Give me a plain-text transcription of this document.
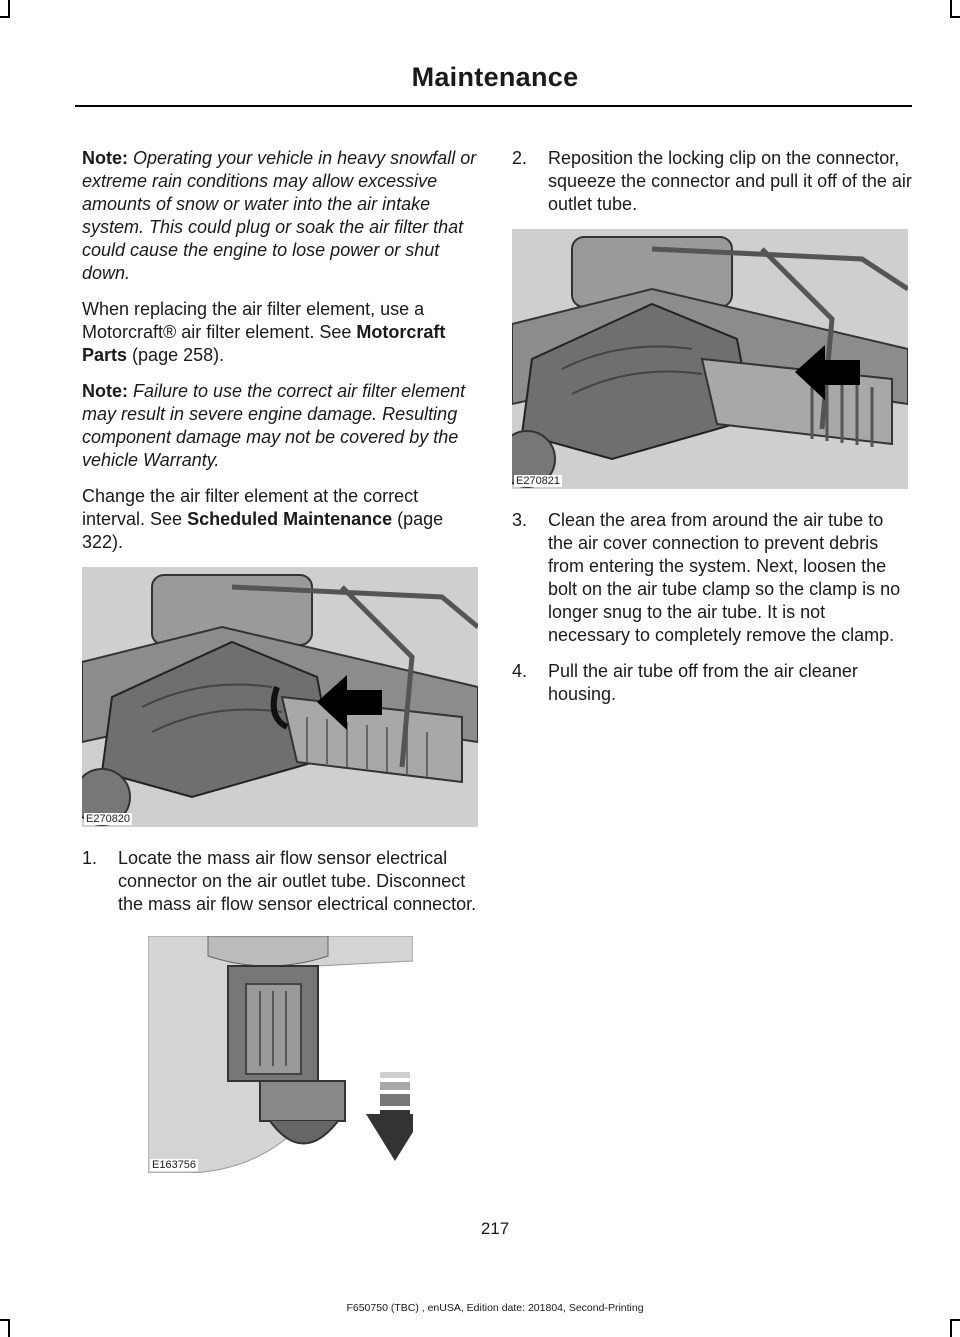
Maintenance

Note: Operating your vehicle in heavy snowfall or extreme rain conditions may allow excessive amounts of snow or water into the air intake system. This could plug or soak the air filter that could cause the engine to lose power or shut down.

When replacing the air filter element, use a Motorcraft® air filter element. See Motorcraft Parts (page 258).

Note: Failure to use the correct air filter element may result in severe engine damage. Resulting component damage may not be covered by the vehicle Warranty.

Change the air filter element at the correct interval. See Scheduled Maintenance (page 322).

E270820
1. Locate the mass air flow sensor electrical connector on the air outlet tube. Disconnect the mass air flow sensor electrical connector.
E163756
2. Reposition the locking clip on the connector, squeeze the connector and pull it off of the air outlet tube.
E270821
3. Clean the area from around the air tube to the air cover connection to prevent debris from entering the system. Next, loosen the bolt on the air tube clamp so the clamp is no longer snug to the air tube. It is not necessary to completely remove the clamp.
4. Pull the air tube off from the air cleaner housing.
217
F650750 (TBC) , enUSA, Edition date: 201804, Second-Printing
